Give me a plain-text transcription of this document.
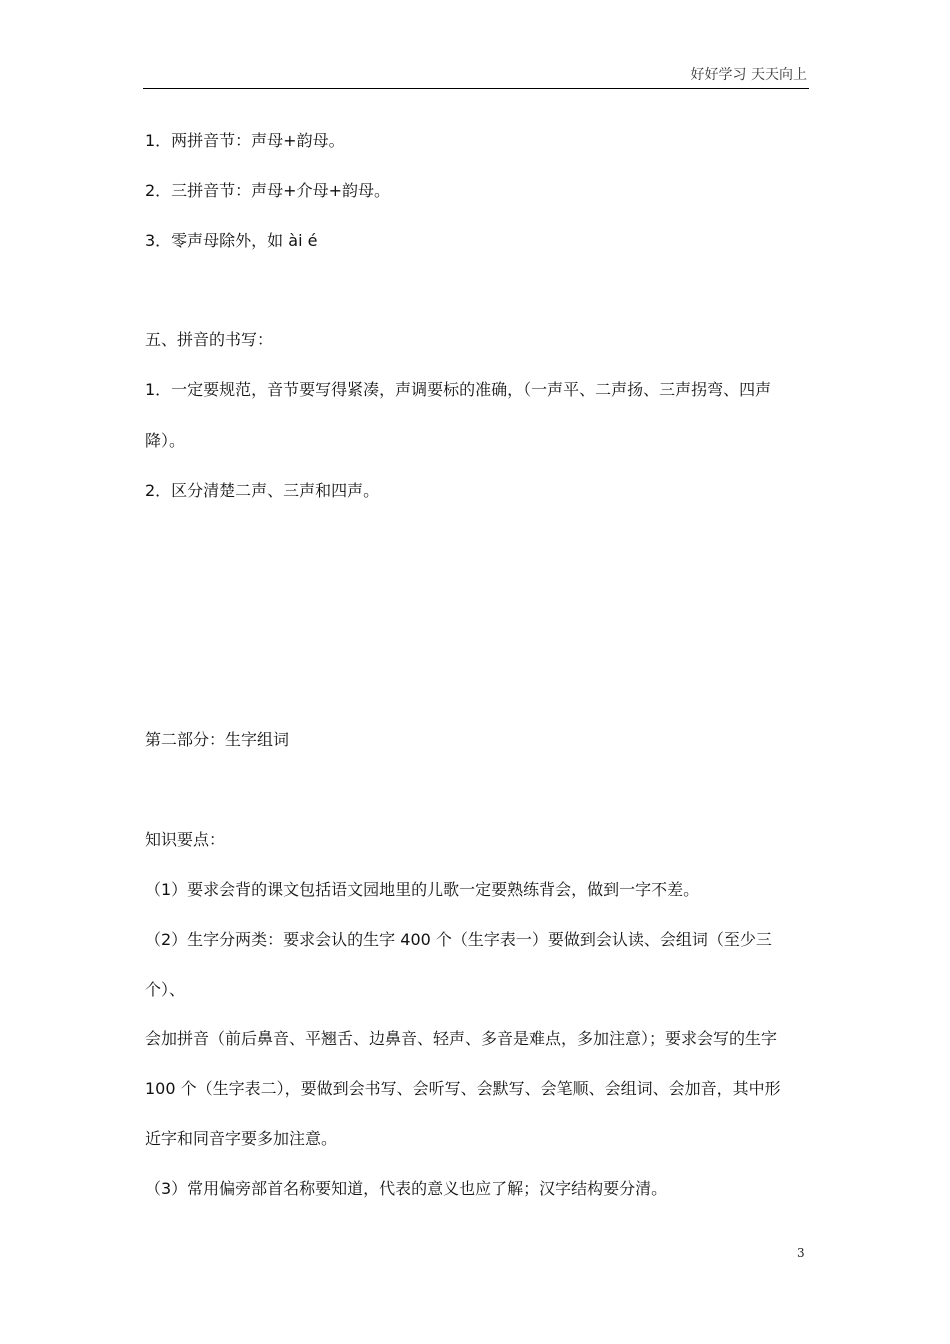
好好学习 天天向上
1．两拼音节：声母+韵母。
2．三拼音节：声母+介母+韵母。
3．零声母除外，如 ài é
五、拼音的书写：
1．一定要规范，音节要写得紧凑，声调要标的准确，（一声平、二声扬、三声拐弯、四声
降）。
2．区分清楚二声、三声和四声。
第二部分：生字组词
知识要点：
（1）要求会背的课文包括语文园地里的儿歌一定要熟练背会，做到一字不差。
（2）生字分两类：要求会认的生字 400 个（生字表一）要做到会认读、会组词（至少三
个）、
会加拼音（前后鼻音、平翘舌、边鼻音、轻声、多音是难点，多加注意）；要求会写的生字
100 个（生字表二），要做到会书写、会听写、会默写、会笔顺、会组词、会加音，其中形
近字和同音字要多加注意。
（3）常用偏旁部首名称要知道，代表的意义也应了解；汉字结构要分清。
3
